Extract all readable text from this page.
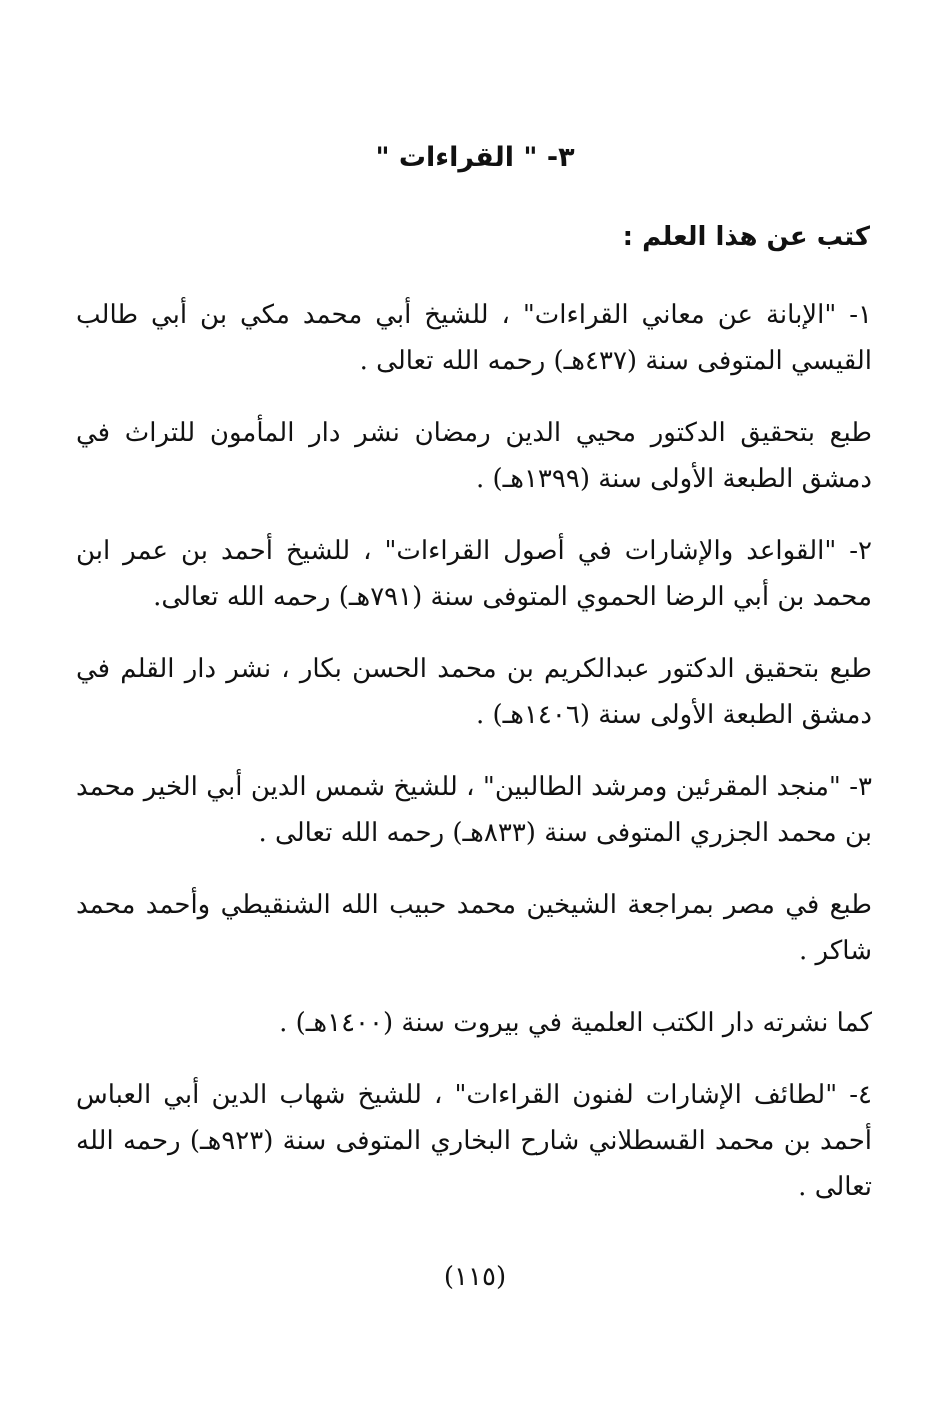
٣- " القراءات "
كتب عن هذا العلم :

١- "الإبانة عن معاني القراءات" ، للشيخ أبي محمد مكي بن أبي طالب القيسي المتوفى سنة (٤٣٧هـ) رحمه الله تعالى .

طبع بتحقيق الدكتور محيي الدين رمضان نشر دار المأمون للتراث في دمشق الطبعة الأولى سنة (١٣٩٩هـ) .

٢- "القواعد والإشارات في أصول القراءات" ، للشيخ أحمد بن عمر ابن محمد بن أبي الرضا الحموي المتوفى سنة (٧٩١هـ) رحمه الله تعالى.

طبع بتحقيق الدكتور عبدالكريم بن محمد الحسن بكار ، نشر دار القلم في دمشق الطبعة الأولى سنة (١٤٠٦هـ) .

٣- "منجد المقرئين ومرشد الطالبين" ، للشيخ شمس الدين أبي الخير محمد بن محمد الجزري المتوفى سنة (٨٣٣هـ) رحمه الله تعالى .

طبع في مصر بمراجعة الشيخين محمد حبيب الله الشنقيطي وأحمد محمد شاكر .

كما نشرته دار الكتب العلمية في بيروت سنة (١٤٠٠هـ) .

٤- "لطائف الإشارات لفنون القراءات" ، للشيخ شهاب الدين أبي العباس أحمد بن محمد القسطلاني شارح البخاري المتوفى سنة (٩٢٣هـ) رحمه الله تعالى .

(١١٥)
